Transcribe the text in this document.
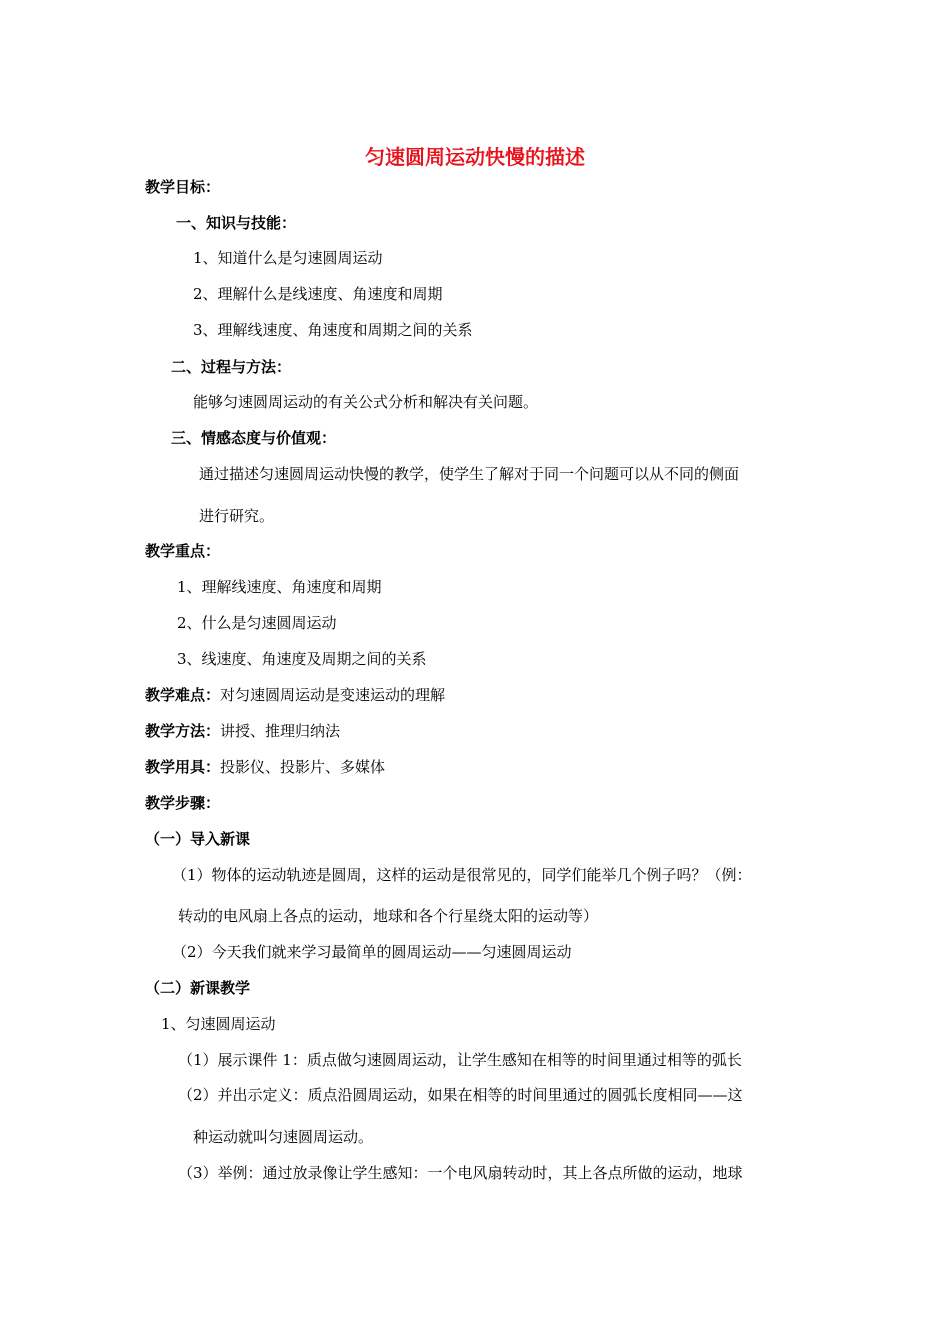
匀速圆周运动快慢的描述
教学目标：
一、知识与技能：
1、知道什么是匀速圆周运动
2、理解什么是线速度、角速度和周期
3、理解线速度、角速度和周期之间的关系
二、过程与方法：
能够匀速圆周运动的有关公式分析和解决有关问题。
三、情感态度与价值观：
通过描述匀速圆周运动快慢的教学，使学生了解对于同一个问题可以从不同的侧面
进行研究。
教学重点：
1、理解线速度、角速度和周期
2、什么是匀速圆周运动
3、线速度、角速度及周期之间的关系
教学难点：对匀速圆周运动是变速运动的理解
教学方法：讲授、推理归纳法
教学用具：投影仪、投影片、多媒体
教学步骤：
（一）导入新课
（1）物体的运动轨迹是圆周，这样的运动是很常见的，同学们能举几个例子吗？（例：
转动的电风扇上各点的运动，地球和各个行星绕太阳的运动等）
（2）今天我们就来学习最简单的圆周运动——匀速圆周运动
（二）新课教学
1、匀速圆周运动
（1）展示课件 1：质点做匀速圆周运动，让学生感知在相等的时间里通过相等的弧长
（2）并出示定义：质点沿圆周运动，如果在相等的时间里通过的圆弧长度相同——这
种运动就叫匀速圆周运动。
（3）举例：通过放录像让学生感知：一个电风扇转动时，其上各点所做的运动，地球
